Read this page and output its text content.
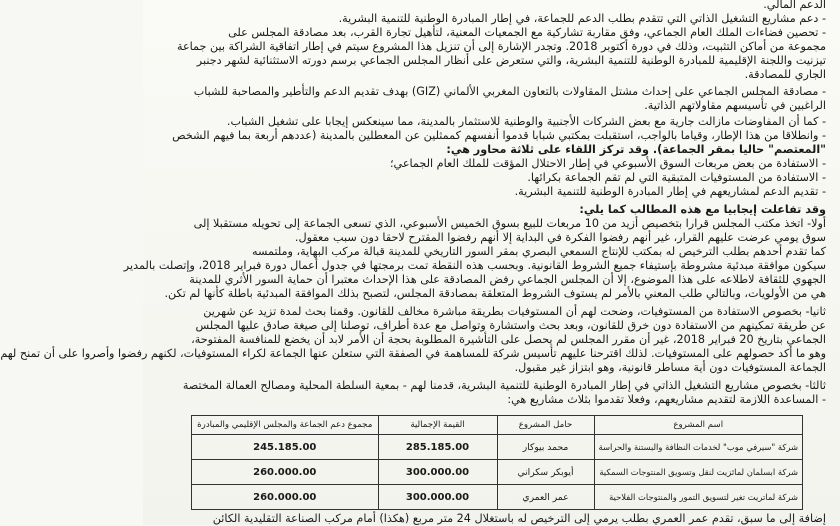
الدعم المالي.
- دعم مشاريع التشغيل الذاتي التي تتقدم بطلب الدعم للجماعة، في إطار المبادرة الوطنية للتنمية البشرية.
- تحصين فضاءات الملك العام الجماعي، وفق مقاربة تشاركية مع الجمعيات المعنية، لتأهيل تجارة القرب، بعد مصادقة المجلس على
مجموعة من أماكن التثبيت، وذلك في دورة أكتوبر 2018. وتجدر الإشارة إلى أن تنزيل هذا المشروع سيتم في إطار اتفاقية الشراكة بين جماعة
تيزنيت واللجنة الإقليمية للمبادرة الوطنية للتنمية البشرية، والتي ستعرض على أنظار المجلس الجماعي برسم دورته الاستثنائية لشهر دجنبر
الجاري للمصادقة.
- مصادقة المجلس الجماعي على إحداث مشتل المقاولات بالتعاون المغربي الألماني (GIZ) بهدف تقديم الدعم والتأطير والمصاحبة للشباب
الراغبين في تأسيسهم مقاولاتهم الذاتية.
- كما أن المفاوضات مازالت جارية مع بعض الشركات الأجنبية والوطنية للاستثمار بالمدينة، مما سينعكس إيجابا على تشغيل الشباب.
- وانطلاقا من هذا الإطار، وقياما بالواجب، استقبلت بمكتبي شبابا قدموا أنفسهم كممثلين عن المعطلين بالمدينة (عددهم أربعة بما فيهم الشخص
"المعتصم" حاليا بمقر الجماعة). وقد تركز اللقاء على ثلاثة محاور هي:
- الاستفادة من بعض مربعات السوق الأسبوعي في إطار الاحتلال المؤقت للملك العام الجماعي؛
- الاستفادة من المستوفيات المتبقية التي لم تقم الجماعة بكرائها.
- تقديم الدعم لمشاريعهم في إطار المبادرة الوطنية للتنمية البشرية.
وقد تفاعلت إيجابيا مع هذه المطالب كما يلي:
أولا- اتخذ مكتب المجلس قرارا بتخصيص أزيد من 10 مربعات للبيع بسوق الخميس الأسبوعي، الذي تسعى الجماعة إلى تحويله مستقبلا إلى
سوق يومي عرضت عليهم القرار، غير أنهم رفضوا الفكرة في البداية إلا أنهم رفضوا المقترح لاحقا دون سبب معقول.
كما تقدم أحدهم بطلب الترخيص له بمكتب للإنتاج السمعي البصري بمقر السور التاريخي للمدينة قبالة مركب البهاية، وملتمسه
سيكون موافقة مبدئية مشروطة بإستيفاء جميع الشروط القانونية. وبحسب هذه النقطة تمت برمجتها في جدول أعمال دورة فبراير 2018، وإتصلت بالمدير
الجهوي للثقافة لاطلاعه على هذا الموضوع، إلا أن المجلس الجماعي رفض المصادقة على هذا الإحداث معتبرا أن حماية السور الأثري للمدينة
هي من الأولويات، وبالتالي طلب المعني بالأمر لم يستوف الشروط المتعلقة بمصادقة المجلس، لتصبح بذلك الموافقة المبدئية باطلة كأنها لم تكن.
ثانيا- بخصوص الاستفادة من المستوفيات، وضحت لهم أن المستوفيات بطريقة مباشرة مخالف للقانون. وقمنا بحث لمدة تزيد عن شهرين
عن طريقة تمكينهم من الاستفادة دون خرق للقانون، وبعد بحث واستشارة وتواصل مع عدة أطراف، توصلنا إلى صيغة صادق عليها المجلس
الجماعي بتاريخ 20 فبراير 2018، غير أن مقرر المجلس لم يحصل على التأشيرة المطلوبة بحجة أن الأمر لابد أن يخضع للمنافسة المفتوحة،
وهو ما أكد حصولهم على المستوفيات. لذلك اقترحنا عليهم تأسيس شركة للمساهمة في الصفقة التي ستعلن عنها الجماعة لكراء المستوفيات، لكنهم رفضوا وأصروا على أن تمنح لهم
الجماعة المستوفيات دون أية مساطر قانونية، وهو ابتزاز غير مقبول.
ثالثا- بخصوص مشاريع التشغيل الذاتي في إطار المبادرة الوطنية للتنمية البشرية، قدمنا لهم - بمعية السلطة المحلية ومصالح العمالة المختصة
- المساعدة اللازمة لتقديم مشاريعهم، وفعلا تقدموا بثلاث مشاريع هي:
اسم المشروع	حامل المشروع	القيمة الإجمالية	مجموع دعم الجماعة والمجلس الإقليمي والمبادرة
شركة "سيرفي موب" لخدمات النظافة والبستنة والحراسة	محمد بيوكار	285.185.00	245.185.00
شركة ابسلمان لمائزيت لنقل وتسويق المنتوجات السمكية	أيوبكر سكراني	300.000.00	260.000.00
شركة لماتريت تغير لتسويق التمور والمنتوجات الفلاحية	عمر العمري	300.000.00	260.000.00
إضافة إلى ما سبق، تقدم عمر العمري بطلب يرمي إلى الترخيص له باستغلال 24 متر مربع (هكذا) أمام مركب الصناعة التقليدية الكائن
